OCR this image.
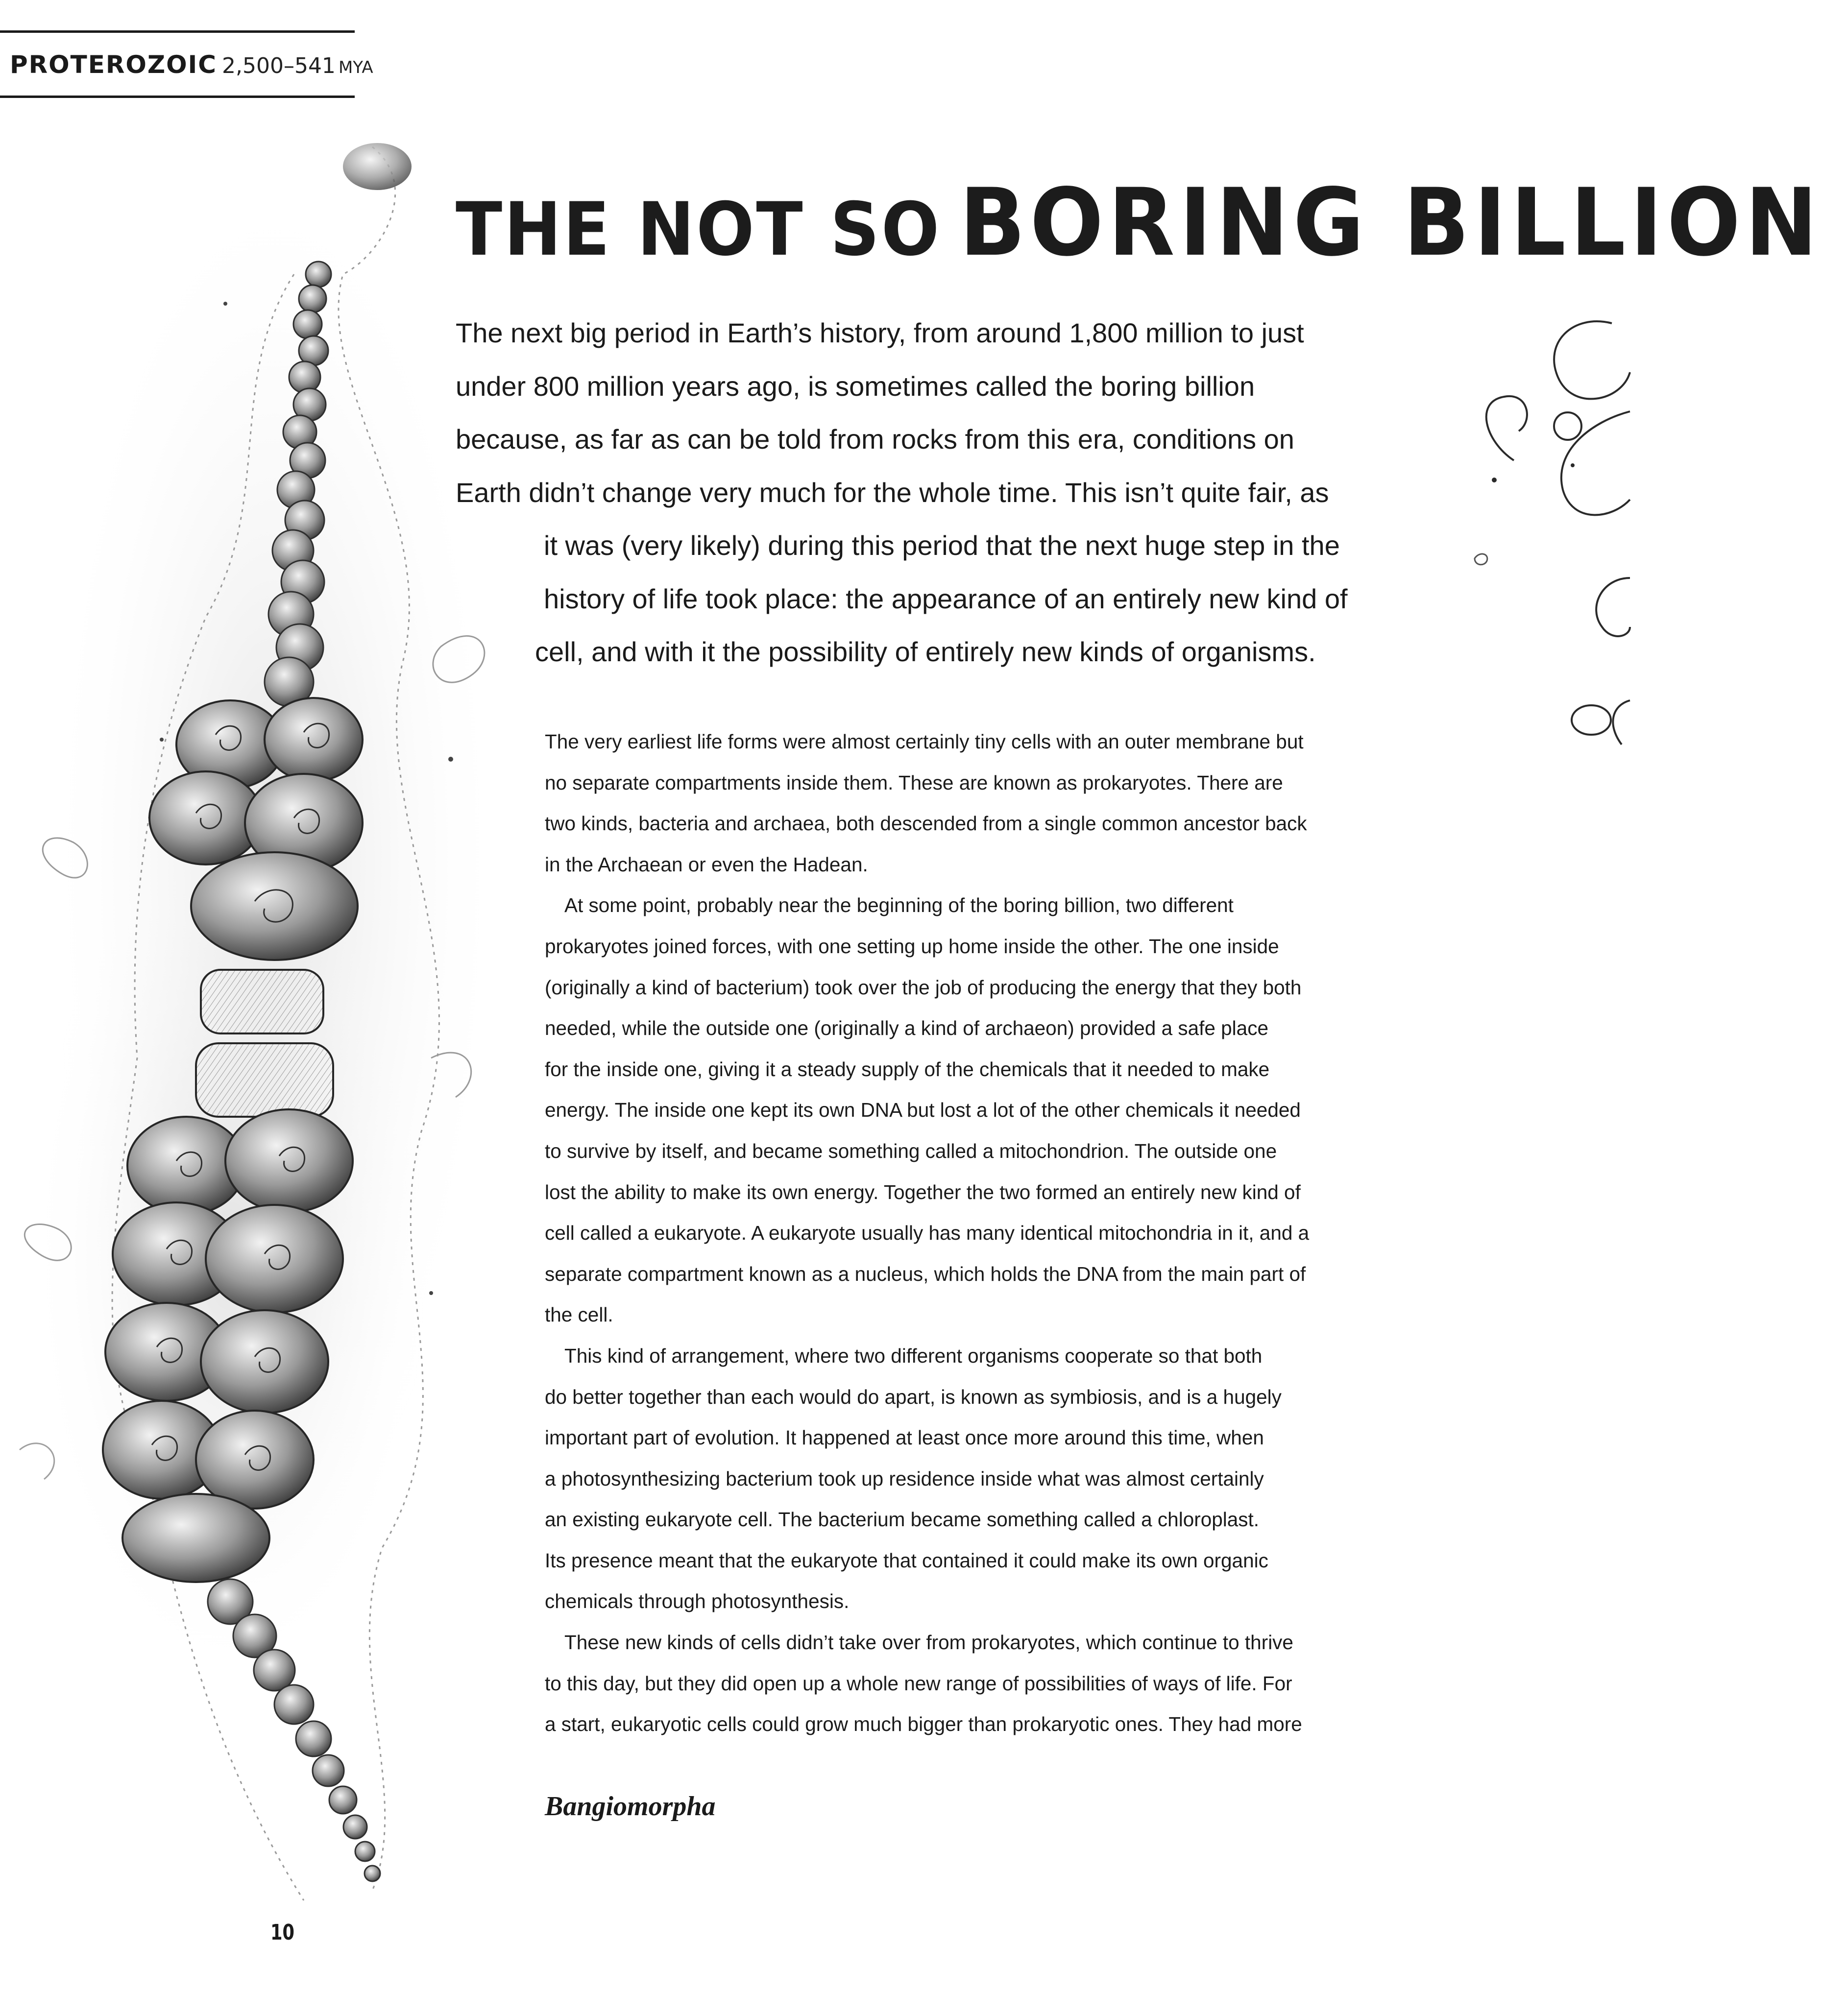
PROTEROZOIC 2,500–541 MYA
THE NOT SO BORING BILLION
The next big period in Earth’s history, from around 1,800 million to just
under 800 million years ago, is sometimes called the boring billion
because, as far as can be told from rocks from this era, conditions on
Earth didn’t change very much for the whole time. This isn’t quite fair, as
it was (very likely) during this period that the next huge step in the
history of life took place: the appearance of an entirely new kind of
cell, and with it the possibility of entirely new kinds of organisms.
The very earliest life forms were almost certainly tiny cells with an outer membrane but
no separate compartments inside them. These are known as prokaryotes. There are
two kinds, bacteria and archaea, both descended from a single common ancestor back
in the Archaean or even the Hadean.
At some point, probably near the beginning of the boring billion, two different
prokaryotes joined forces, with one setting up home inside the other. The one inside
(originally a kind of bacterium) took over the job of producing the energy that they both
needed, while the outside one (originally a kind of archaeon) provided a safe place
for the inside one, giving it a steady supply of the chemicals that it needed to make
energy. The inside one kept its own DNA but lost a lot of the other chemicals it needed
to survive by itself, and became something called a mitochondrion. The outside one
lost the ability to make its own energy. Together the two formed an entirely new kind of
cell called a eukaryote. A eukaryote usually has many identical mitochondria in it, and a
separate compartment known as a nucleus, which holds the DNA from the main part of
the cell.
This kind of arrangement, where two different organisms cooperate so that both
do better together than each would do apart, is known as symbiosis, and is a hugely
important part of evolution. It happened at least once more around this time, when
a photosynthesizing bacterium took up residence inside what was almost certainly
an existing eukaryote cell. The bacterium became something called a chloroplast.
Its presence meant that the eukaryote that contained it could make its own organic
chemicals through photosynthesis.
These new kinds of cells didn’t take over from prokaryotes, which continue to thrive
to this day, but they did open up a whole new range of possibilities of ways of life. For
a start, eukaryotic cells could grow much bigger than prokaryotic ones. They had more
Bangiomorpha
10
